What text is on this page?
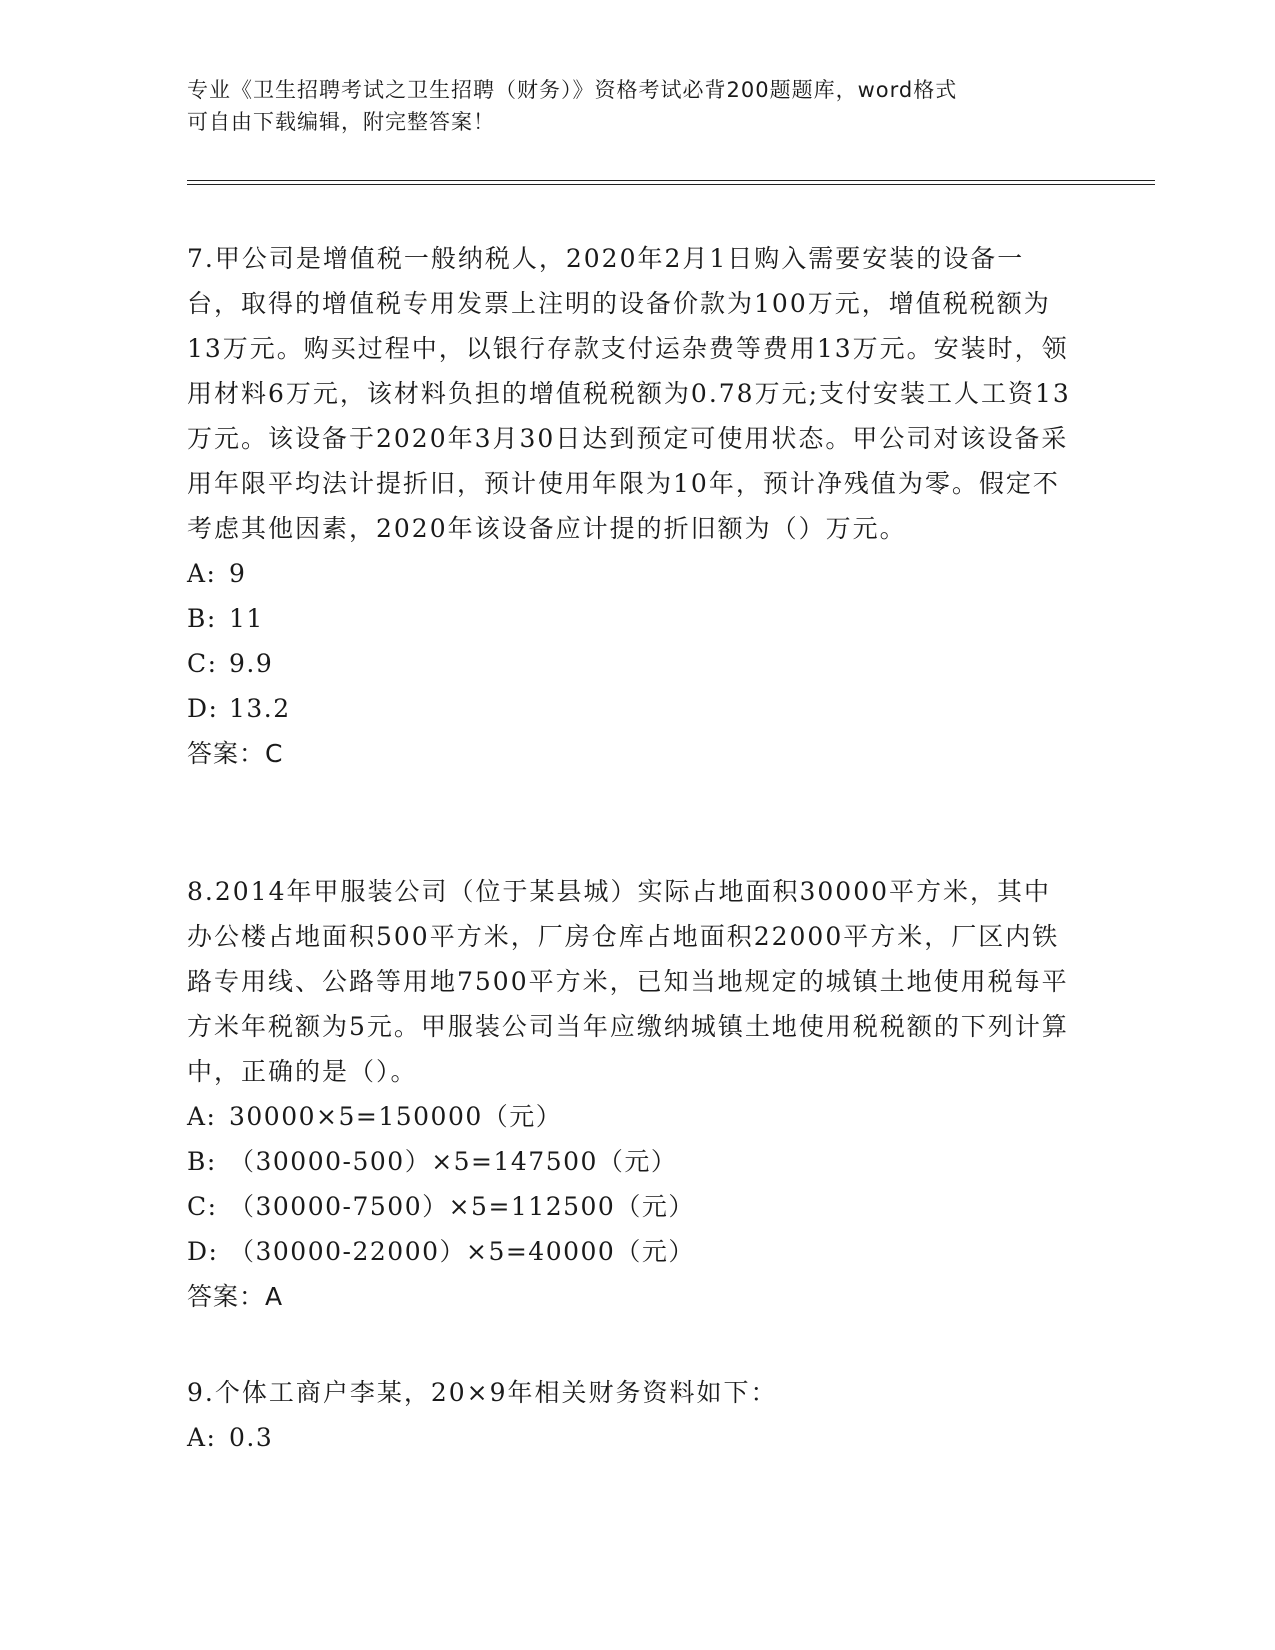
专业《卫生招聘考试之卫生招聘（财务）》资格考试必背200题题库，word格式
可自由下载编辑，附完整答案！

7.甲公司是增值税一般纳税人，2020年2月1日购入需要安装的设备一台，取得的增值税专用发票上注明的设备价款为100万元，增值税税额为13万元。购买过程中，以银行存款支付运杂费等费用13万元。安装时，领用材料6万元，该材料负担的增值税税额为0.78万元;支付安装工人工资13万元。该设备于2020年3月30日达到预定可使用状态。甲公司对该设备采用年限平均法计提折旧，预计使用年限为10年，预计净残值为零。假定不考虑其他因素，2020年该设备应计提的折旧额为（）万元。

A: 9

B: 11

C: 9.9

D: 13.2

答案：C

8.2014年甲服装公司（位于某县城）实际占地面积30000平方米，其中办公楼占地面积500平方米，厂房仓库占地面积22000平方米，厂区内铁路专用线、公路等用地7500平方米，已知当地规定的城镇土地使用税每平方米年税额为5元。甲服装公司当年应缴纳城镇土地使用税税额的下列计算中，正确的是（）。

A: 30000×5=150000（元）

B: （30000-500）×5=147500（元）

C: （30000-7500）×5=112500（元）

D: （30000-22000）×5=40000（元）

答案：A

9.个体工商户李某，20×9年相关财务资料如下：

A: 0.3
